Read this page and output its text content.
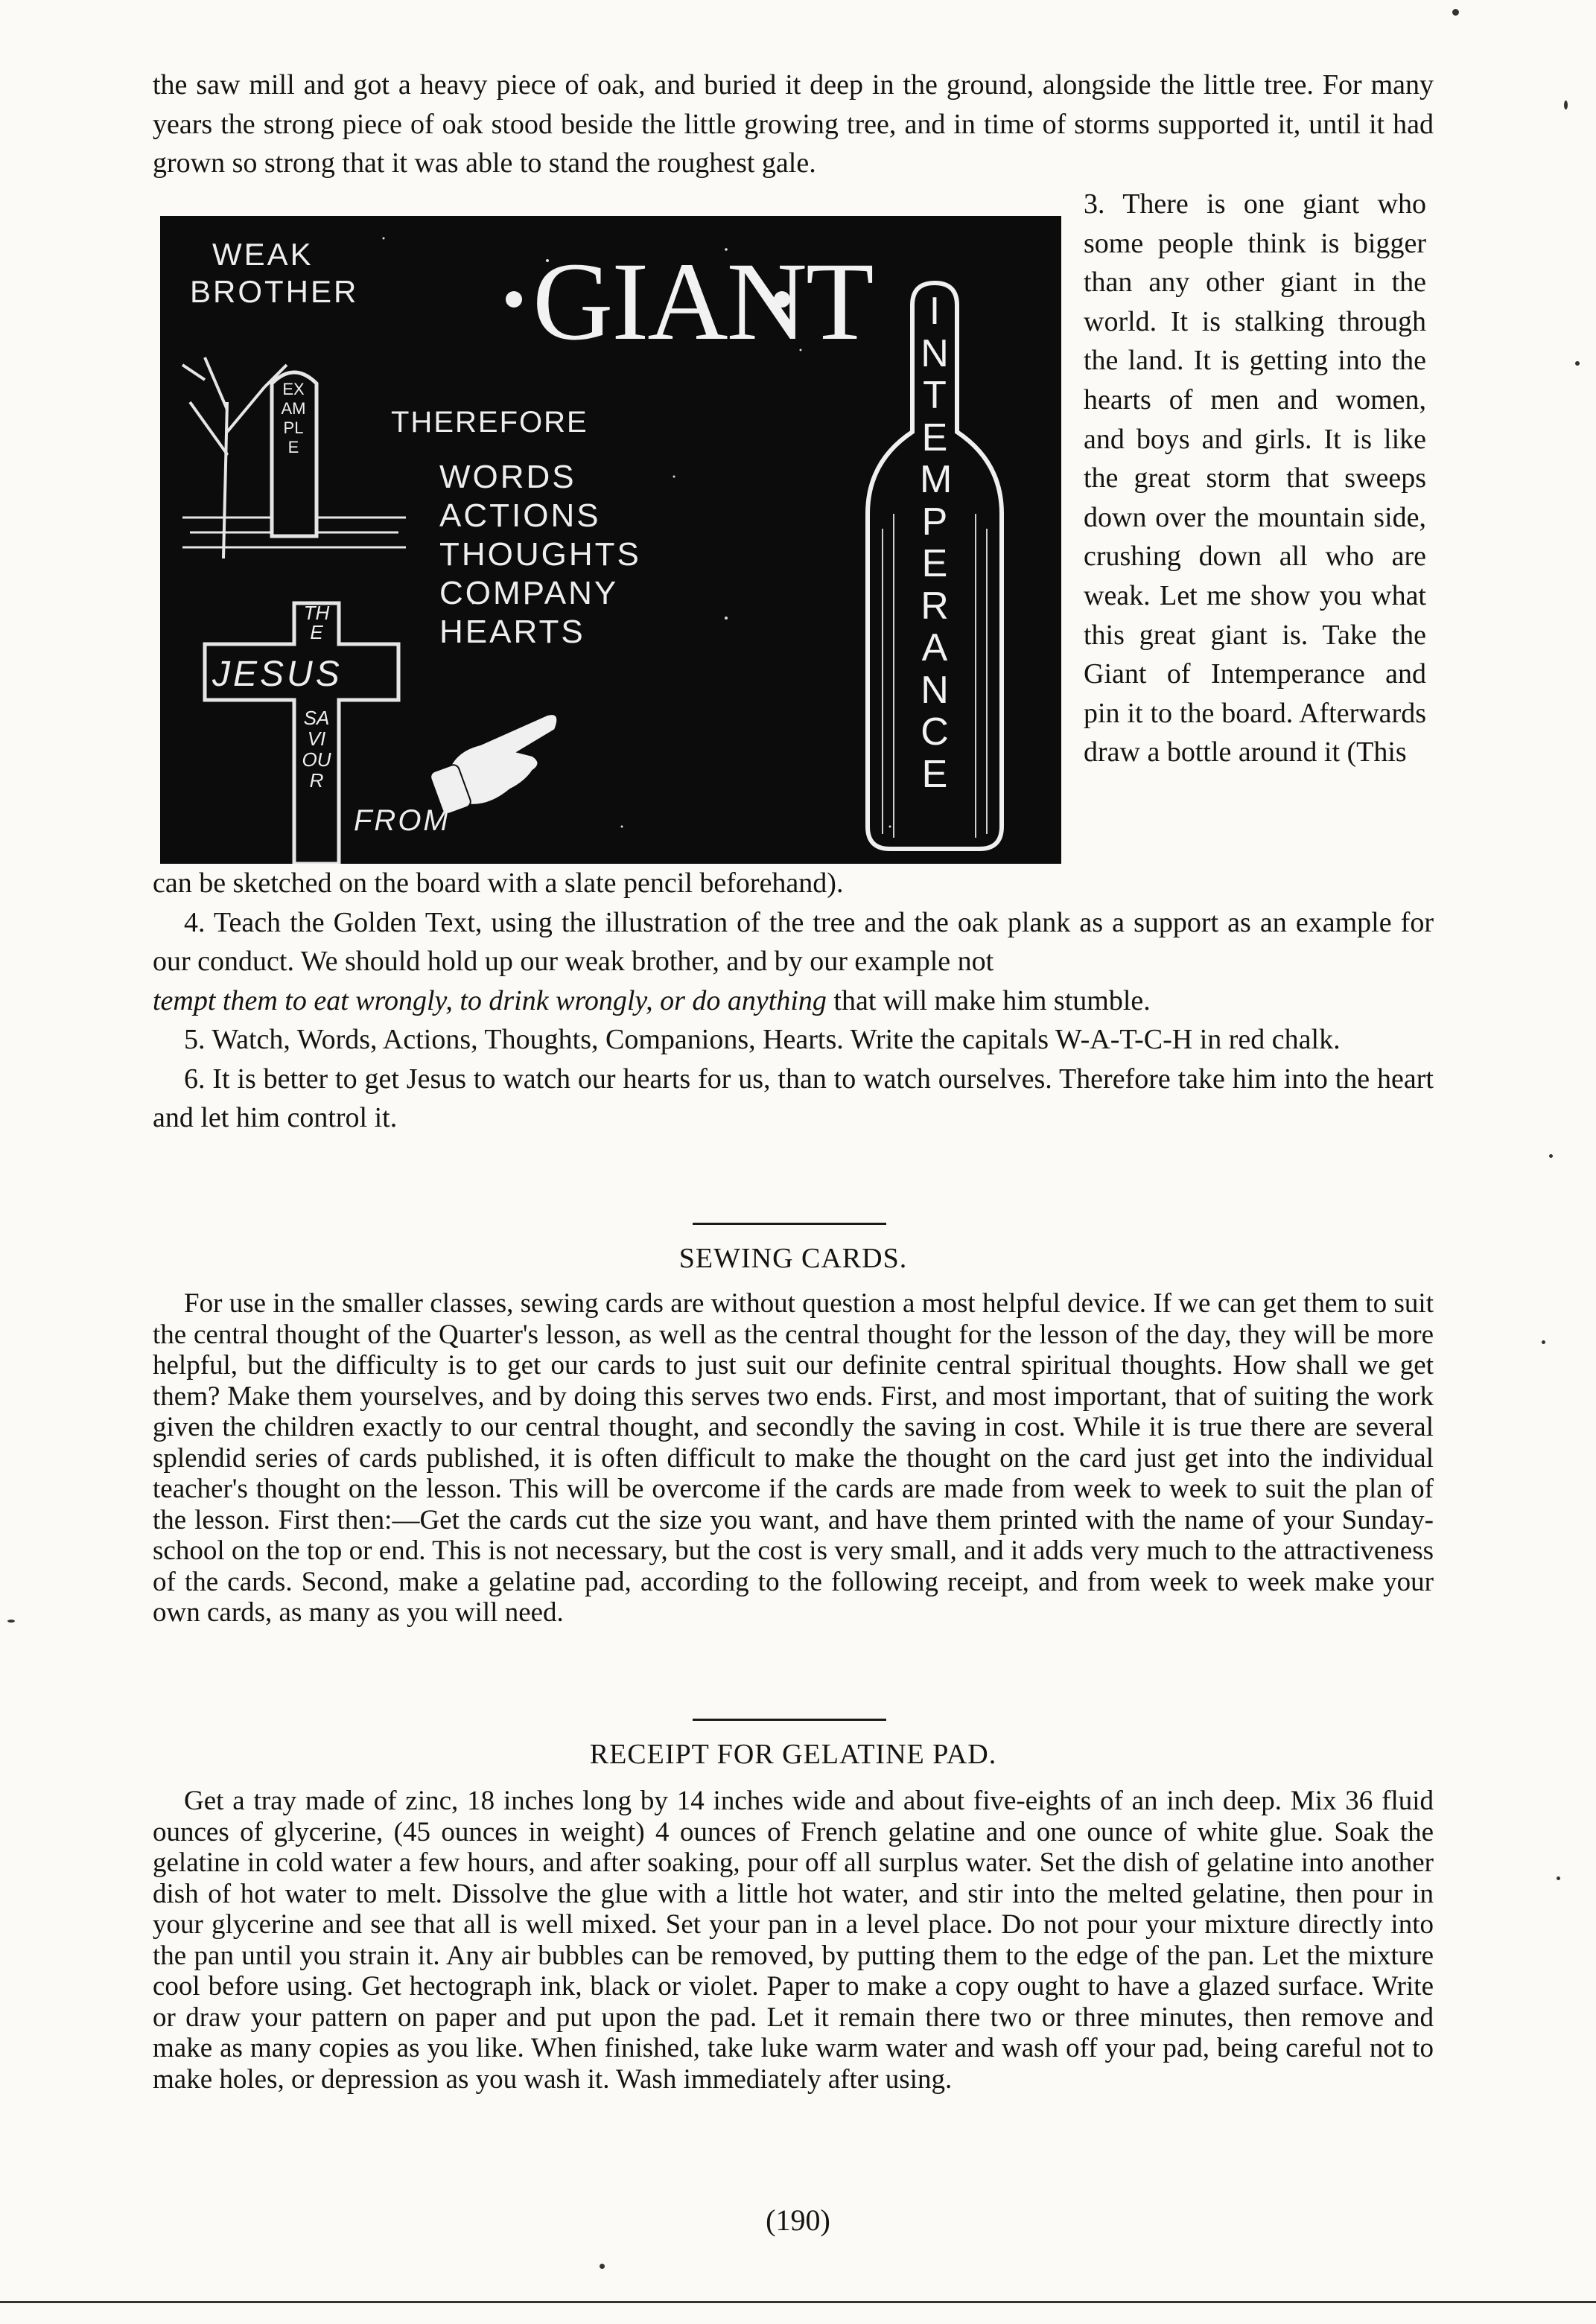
the saw mill and got a heavy piece of oak, and buried it deep in the ground, alongside the little tree. For many years the strong piece of oak stood beside the little growing tree, and in time of storms supported it, until it had grown so strong that it was able to stand the roughest gale.

WEAK
BROTHER
EXAMPLE
GIANT
THEREFORE
WORDS
ACTIONS
THOUGHTS
COMPANY
HEARTS
THE
JESUS
SAVIOUR
FROM
INTEMPERANCE

3. There is one giant who some people think is bigger than any other giant in the world. It is stalking through the land. It is getting into the hearts of men and women, and boys and girls. It is like the great storm that sweeps down over the mountain side, crushing down all who are weak. Let me show you what this great giant is. Take the Giant of Intemperance and pin it to the board. Afterwards draw a bottle around it (This

can be sketched on the board with a slate pencil beforehand).

4. Teach the Golden Text, using the illustration of the tree and the oak plank as a support as an example for our conduct. We should hold up our weak brother, and by our example not

tempt them to eat wrongly, to drink wrongly, or do anything that will make him stumble.

5. Watch, Words, Actions, Thoughts, Companions, Hearts. Write the capitals W-A-T-C-H in red chalk.

6. It is better to get Jesus to watch our hearts for us, than to watch ourselves. Therefore take him into the heart and let him control it.

SEWING CARDS.

For use in the smaller classes, sewing cards are without question a most helpful device. If we can get them to suit the central thought of the Quarter's lesson, as well as the central thought for the lesson of the day, they will be more helpful, but the difficulty is to get our cards to just suit our definite central spiritual thoughts. How shall we get them? Make them yourselves, and by doing this serves two ends. First, and most important, that of suiting the work given the children exactly to our central thought, and secondly the saving in cost. While it is true there are several splendid series of cards published, it is often difficult to make the thought on the card just get into the individual teacher's thought on the lesson. This will be overcome if the cards are made from week to week to suit the plan of the lesson. First then:—Get the cards cut the size you want, and have them printed with the name of your Sunday-school on the top or end. This is not necessary, but the cost is very small, and it adds very much to the attractiveness of the cards. Second, make a gelatine pad, according to the following receipt, and from week to week make your own cards, as many as you will need.

RECEIPT FOR GELATINE PAD.

Get a tray made of zinc, 18 inches long by 14 inches wide and about five-eights of an inch deep. Mix 36 fluid ounces of glycerine, (45 ounces in weight) 4 ounces of French gelatine and one ounce of white glue. Soak the gelatine in cold water a few hours, and after soaking, pour off all surplus water. Set the dish of gelatine into another dish of hot water to melt. Dissolve the glue with a little hot water, and stir into the melted gelatine, then pour in your glycerine and see that all is well mixed. Set your pan in a level place. Do not pour your mixture directly into the pan until you strain it. Any air bubbles can be removed, by putting them to the edge of the pan. Let the mixture cool before using. Get hectograph ink, black or violet. Paper to make a copy ought to have a glazed surface. Write or draw your pattern on paper and put upon the pad. Let it remain there two or three minutes, then remove and make as many copies as you like. When finished, take luke warm water and wash off your pad, being careful not to make holes, or depression as you wash it. Wash immediately after using.

(190)
